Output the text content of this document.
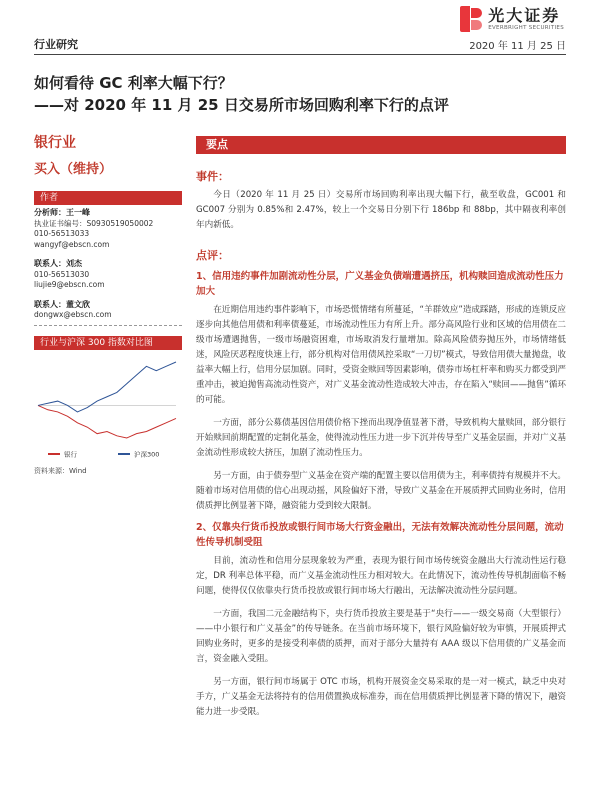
光大证券
EVERBRIGHT SECURITIES
行业研究	2020 年 11 月 25 日
如何看待 GC 利率大幅下行？
——对 2020 年 11 月 25 日交易所市场回购利率下行的点评
银行业
买入（维持）
作者
分析师：王一峰
执业证书编号：S0930519050002
010-56513033
wangyf@ebscn.com
联系人：刘杰
010-56513030
liujie9@ebscn.com
联系人：董文欣
dongwx@ebscn.com
行业与沪深 300 指数对比图
银行	沪深300
资料来源：Wind
要点
事件：
今日（2020 年 11 月 25 日）交易所市场回购利率出现大幅下行，截至收盘，GC001 和 GC007 分别为 0.85%和 2.47%，较上一个交易日分别下行 186bp 和 88bp，其中隔夜利率创年内新低。
点评：
1、信用违约事件加剧流动性分层，广义基金负债端遭遇挤压，机构赎回造成流动性压力加大
在近期信用违约事件影响下，市场恐慌情绪有所蔓延，“羊群效应”造成踩踏，形成的连锁反应逐步向其他信用债和利率债蔓延，市场流动性压力有所上升。部分高风险行业和区域的信用债在二级市场遭遇抛售，一级市场融资困难，市场取消发行量增加。除高风险债券抛压外，市场情绪低迷，风险厌恶程度快速上行，部分机构对信用债风控采取“一刀切”模式，导致信用债大量抛盘，收益率大幅上行，信用分层加剧。同时，受资金赎回等因素影响，债券市场杠杆率和购买力都受到严重冲击，被迫抛售高流动性资产，对广义基金流动性造成较大冲击，存在陷入“赎回——抛售”循环的可能。
一方面，部分公募债基因信用债价格下挫而出现净值显著下滑，导致机构大量赎回，部分银行开始赎回前期配置的定制化基金，使得流动性压力进一步下沉并传导至广义基金层面，并对广义基金流动性形成较大挤压，加剧了流动性压力。
另一方面，由于债券型广义基金在资产端的配置主要以信用债为主，利率债持有规模并不大。随着市场对信用债的信心出现动摇，风险偏好下滑，导致广义基金在开展质押式回购业务时，信用债质押比例显著下降，融资能力受到较大限制。
2、仅靠央行货币投放或银行间市场大行资金融出，无法有效解决流动性分层问题，流动性传导机制受阻
目前，流动性和信用分层现象较为严重，表现为银行间市场传统资金融出大行流动性运行稳定，DR 利率总体平稳，而广义基金流动性压力相对较大。在此情况下，流动性传导机制面临不畅问题，使得仅仅依靠央行货币投放或银行间市场大行融出，无法解决流动性分层问题。
一方面，我国二元金融结构下，央行货币投放主要是基于“央行——一级交易商（大型银行）——中小银行和广义基金”的传导链条。在当前市场环境下，银行风险偏好较为审慎，开展质押式回购业务时，更多的是接受利率债的质押，而对于部分大量持有 AAA 级以下信用债的广义基金而言，资金融入受阻。
另一方面，银行间市场属于 OTC 市场，机构开展资金交易采取的是一对一模式，缺乏中央对手方，广义基金无法将持有的信用债置换成标准券，而在信用债质押比例显著下降的情况下，融资能力进一步受限。
